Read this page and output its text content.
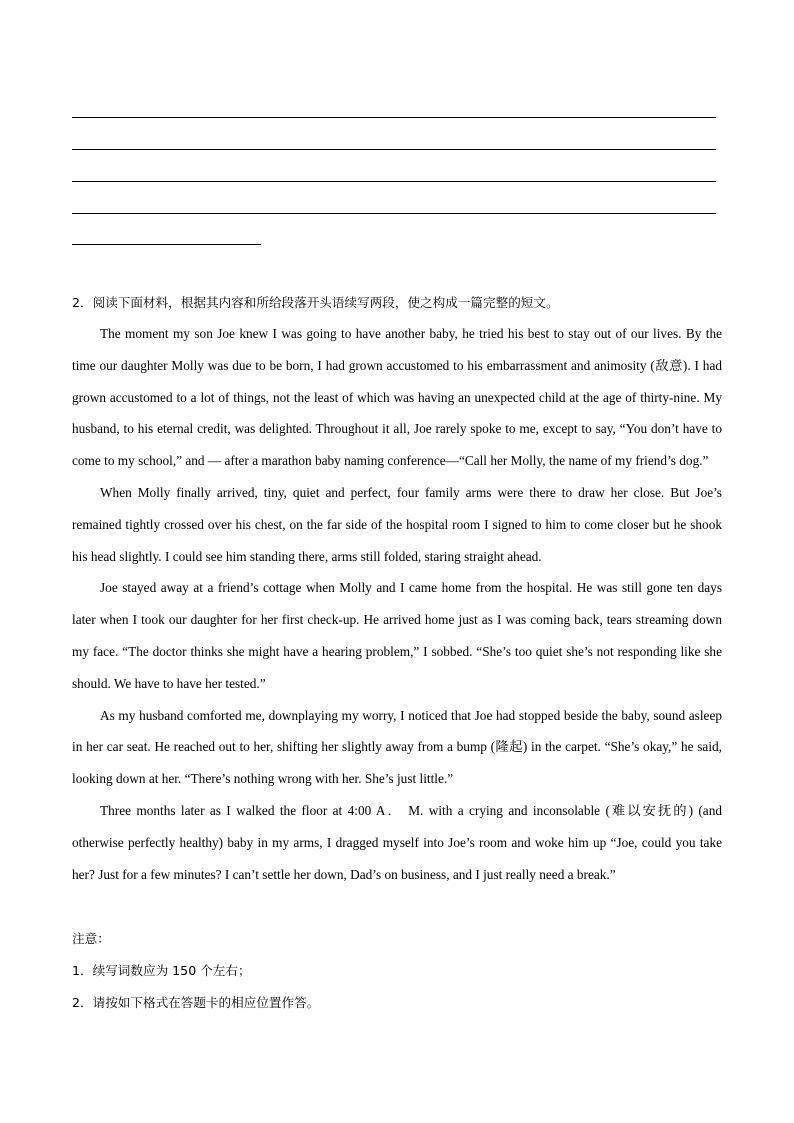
2．阅读下面材料，根据其内容和所给段落开头语续写两段，使之构成一篇完整的短文。

The moment my son Joe knew I was going to have another baby, he tried his best to stay out of our lives. By the time our daughter Molly was due to be born, I had grown accustomed to his embarrassment and animosity (敌意). I had grown accustomed to a lot of things, not the least of which was having an unexpected child at the age of thirty-nine. My husband, to his eternal credit, was delighted. Throughout it all, Joe rarely spoke to me, except to say, “You don’t have to come to my school,” and — after a marathon baby naming conference—“Call her Molly, the name of my friend’s dog.”

When Molly finally arrived, tiny, quiet and perfect, four family arms were there to draw her close. But Joe’s remained tightly crossed over his chest, on the far side of the hospital room I signed to him to come closer but he shook his head slightly. I could see him standing there, arms still folded, staring straight ahead.

Joe stayed away at a friend’s cottage when Molly and I came home from the hospital. He was still gone ten days later when I took our daughter for her first check-up. He arrived home just as I was coming back, tears streaming down my face. “The doctor thinks she might have a hearing problem,” I sobbed. “She’s too quiet she’s not responding like she should. We have to have her tested.”

As my husband comforted me, downplaying my worry, I noticed that Joe had stopped beside the baby, sound asleep in her car seat. He reached out to her, shifting her slightly away from a bump (隆起) in the carpet. “She’s okay,” he said, looking down at her. “There’s nothing wrong with her. She’s just little.”

Three months later as I walked the floor at 4:00 A． M. with a crying and inconsolable (难以安抚的) (and otherwise perfectly healthy) baby in my arms, I dragged myself into Joe’s room and woke him up “Joe, could you take her? Just for a few minutes? I can’t settle her down, Dad’s on business, and I just really need a break.”

注意：
1．续写词数应为 150 个左右；
2．请按如下格式在答题卡的相应位置作答。
